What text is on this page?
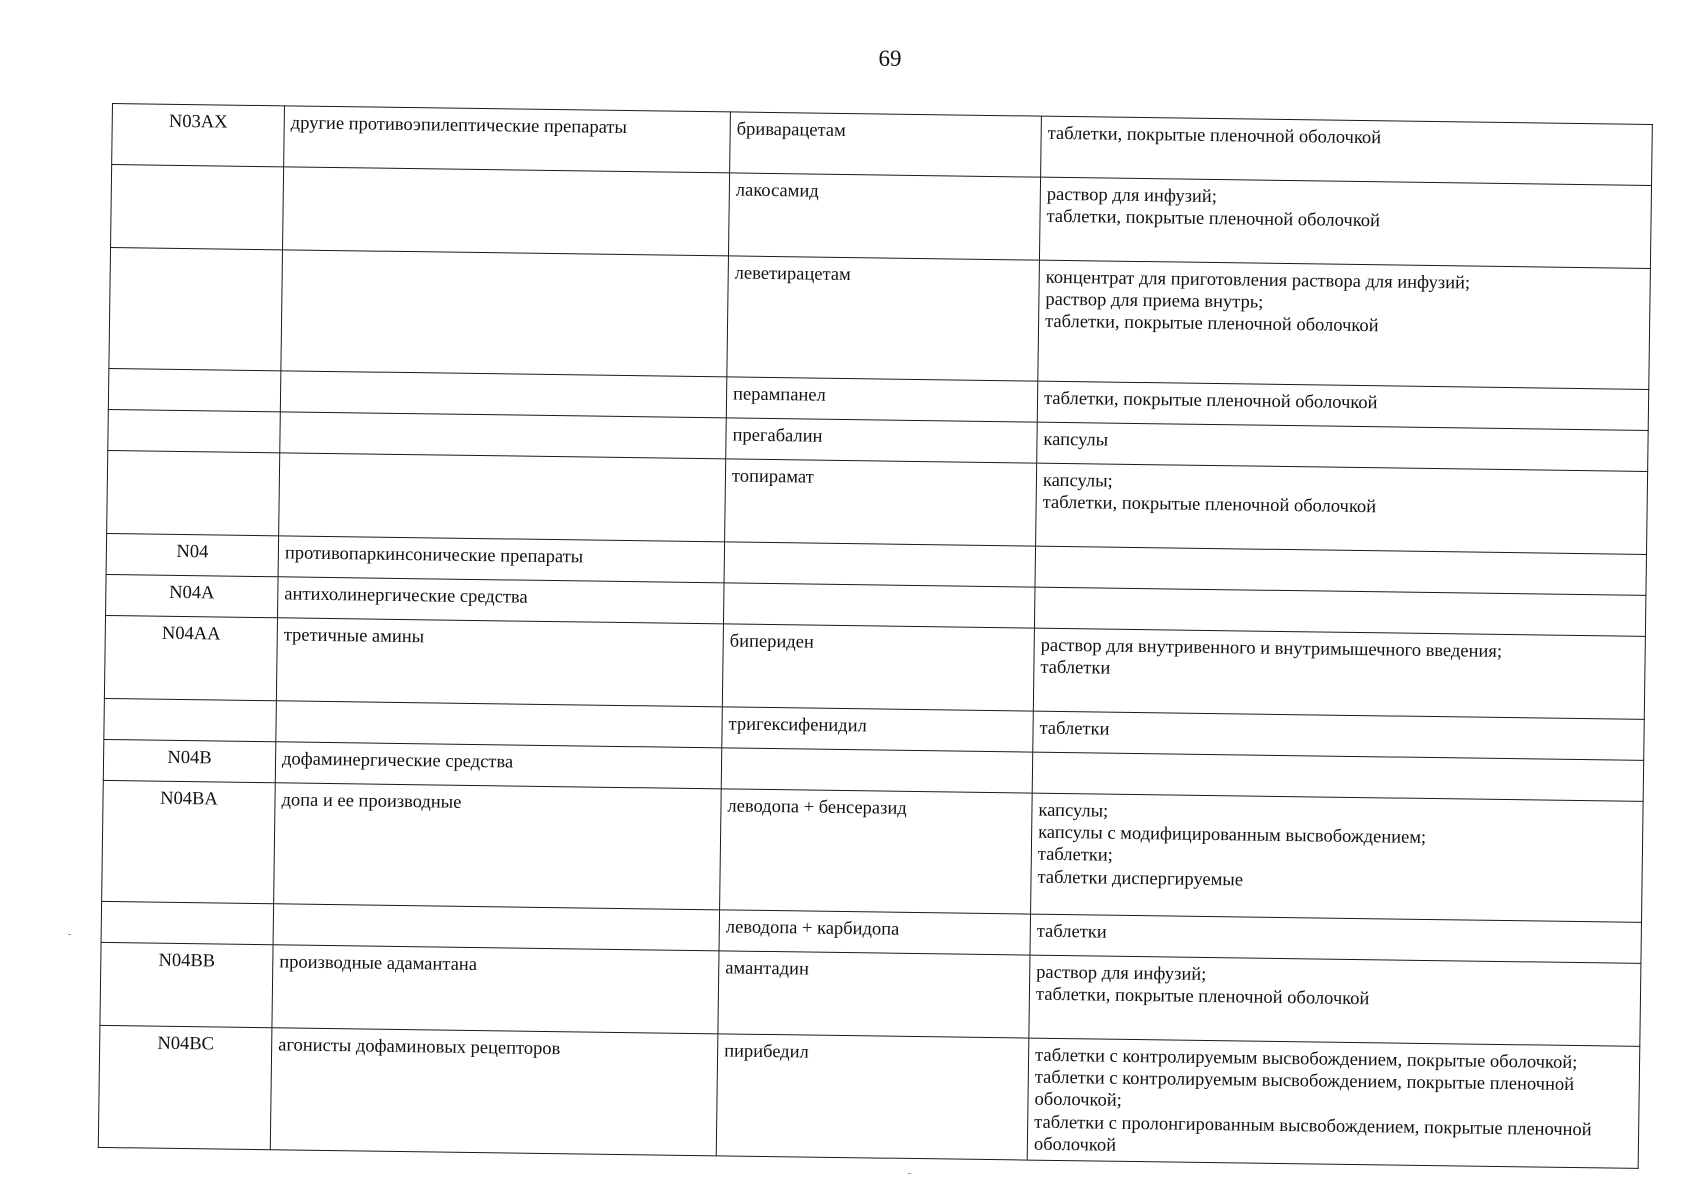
69
N03AX	другие противоэпилептические препараты	бриварацетам	таблетки, покрытые пленочной оболочкой
		лакосамид	раствор для инфузий;
таблетки, покрытые пленочной оболочкой
		леветирацетам	концентрат для приготовления раствора для инфузий;
раствор для приема внутрь;
таблетки, покрытые пленочной оболочкой
		перампанел	таблетки, покрытые пленочной оболочкой
		прегабалин	капсулы
		топирамат	капсулы;
таблетки, покрытые пленочной оболочкой
N04	противопаркинсонические препараты		
N04A	антихолинергические средства		
N04AA	третичные амины	бипериден	раствор для внутривенного и внутримышечного введения;
таблетки
		тригексифенидил	таблетки
N04B	дофаминергические средства		
N04BA	допа и ее производные	леводопа + бенсеразид	капсулы;
капсулы с модифицированным высвобождением;
таблетки;
таблетки диспергируемые
		леводопа + карбидопа	таблетки
N04BB	производные адамантана	амантадин	раствор для инфузий;
таблетки, покрытые пленочной оболочкой
N04BC	агонисты дофаминовых рецепторов	пирибедил	таблетки с контролируемым высвобождением, покрытые оболочкой;
таблетки с контролируемым высвобождением, покрытые пленочной оболочкой;
таблетки с пролонгированным высвобождением, покрытые пленочной оболочкой
